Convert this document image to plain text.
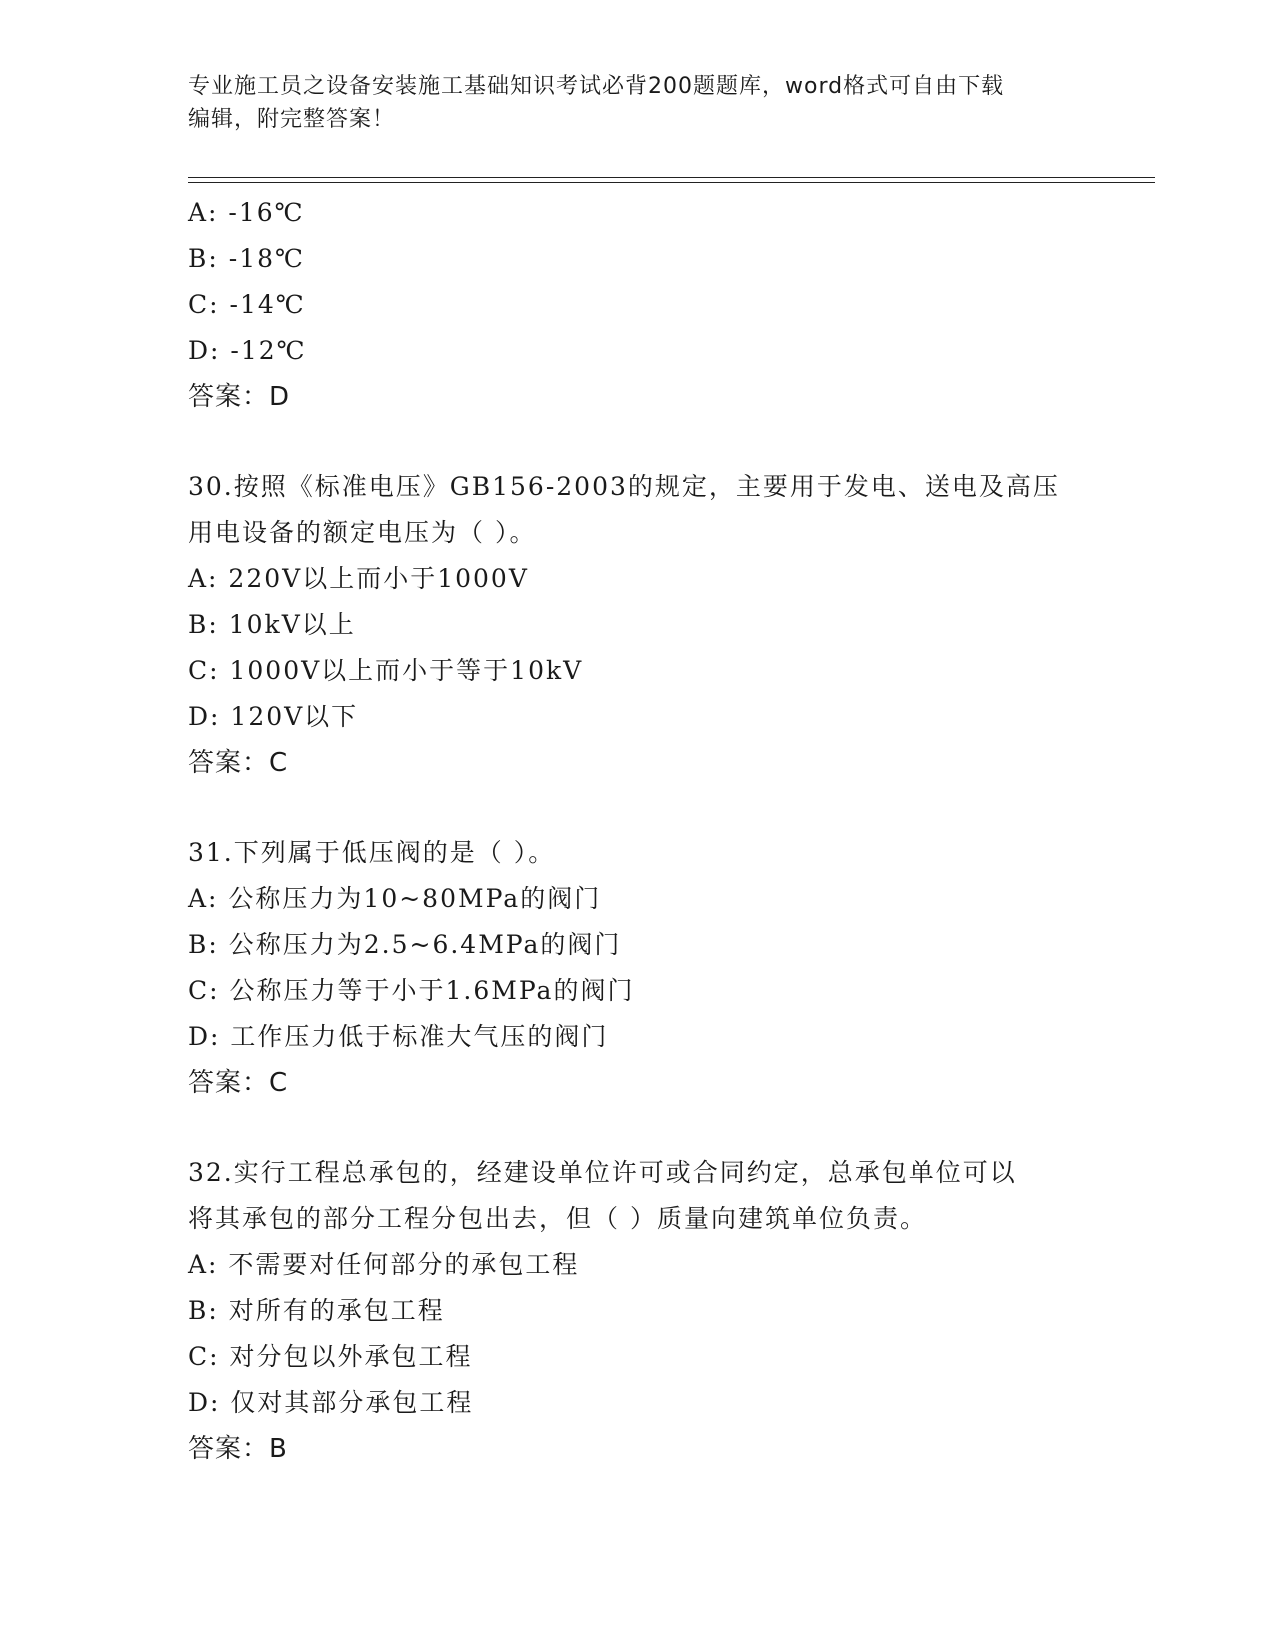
专业施工员之设备安装施工基础知识考试必背200题题库，word格式可自由下载
编辑，附完整答案！
A: -16℃
B: -18℃
C: -14℃
D: -12℃
答案：D
30.按照《标准电压》GB156-2003的规定，主要用于发电、送电及高压
用电设备的额定电压为（ ）。
A: 220V以上而小于1000V
B: 10kV以上
C: 1000V以上而小于等于10kV
D: 120V以下
答案：C
31.下列属于低压阀的是（ ）。
A: 公称压力为10~80MPa的阀门
B: 公称压力为2.5~6.4MPa的阀门
C: 公称压力等于小于1.6MPa的阀门
D: 工作压力低于标准大气压的阀门
答案：C
32.实行工程总承包的，经建设单位许可或合同约定，总承包单位可以
将其承包的部分工程分包出去，但（ ）质量向建筑单位负责。
A: 不需要对任何部分的承包工程
B: 对所有的承包工程
C: 对分包以外承包工程
D: 仅对其部分承包工程
答案：B
